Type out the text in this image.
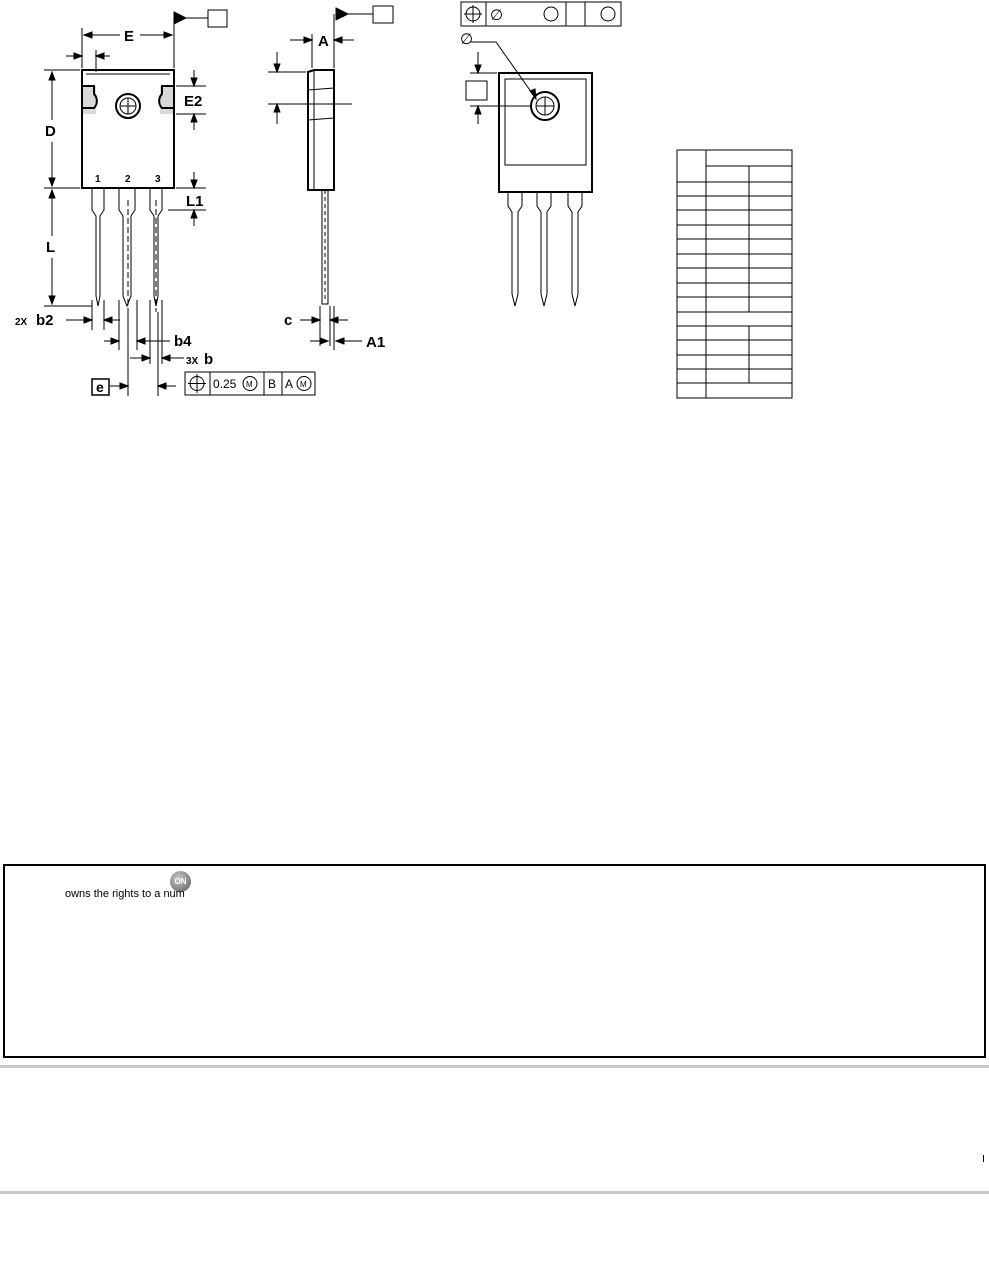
E
E2
D
L
L1
1 2 3
2X b2
b4
3X b
e	0.25 M B A M
A
c
A1
∅
∅
ON
owns the rights to a num
